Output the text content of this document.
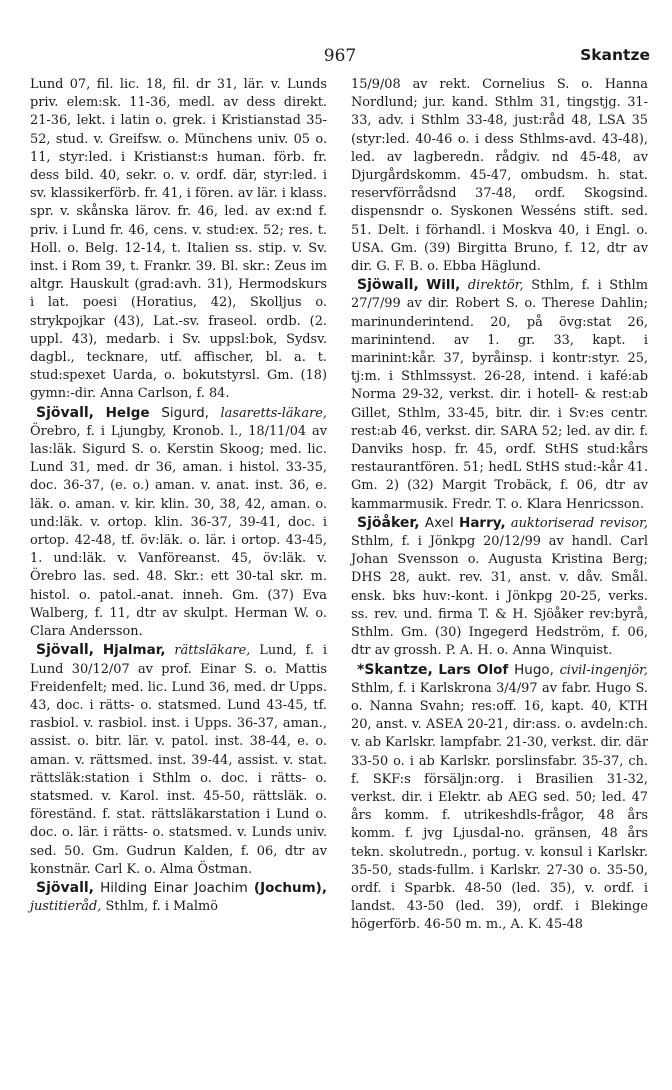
967	Skantze

Lund 07, fil. lic. 18, fil. dr 31, lär. v. Lunds priv. elem:sk. 11-36, medl. av dess direkt. 21-36, lekt. i latin o. grek. i Kristianstad 35-52, stud. v. Greifsw. o. Münchens univ. 05 o. 11, styr:led. i Kristianst:s human. förb. fr. dess bild. 40, sekr. o. v. ordf. där, styr:led. i sv. klassikerförb. fr. 41, i fören. av lär. i klass. spr. v. skånska lärov. fr. 46, led. av ex:nd f. priv. i Lund fr. 46, cens. v. stud:ex. 52; res. t. Holl. o. Belg. 12-14, t. Italien ss. stip. v. Sv. inst. i Rom 39, t. Frankr. 39. Bl. skr.: Zeus im altgr. Hauskult (grad:avh. 31), Hermodskurs i lat. poesi (Horatius, 42), Skolljus o. strykpojkar (43), Lat.-sv. fraseol. ordb. (2. uppl. 43), medarb. i Sv. uppsl:bok, Sydsv. dagbl., tecknare, utf. affischer, bl. a. t. stud:spexet Uarda, o. bokutstyrsl. Gm. (18) gymn:-dir. Anna Carlson, f. 84.

Sjövall, Helge Sigurd, lasaretts-läkare, Örebro, f. i Ljungby, Kronob. l., 18/11/04 av las:läk. Sigurd S. o. Kerstin Skoog; med. lic. Lund 31, med. dr 36, aman. i histol. 33-35, doc. 36-37, (e. o.) aman. v. anat. inst. 36, e. läk. o. aman. v. kir. klin. 30, 38, 42, aman. o. und:läk. v. ortop. klin. 36-37, 39-41, doc. i ortop. 42-48, tf. öv:läk. o. lär. i ortop. 43-45, 1. und:läk. v. Vanföreanst. 45, öv:läk. v. Örebro las. sed. 48. Skr.: ett 30-tal skr. m. histol. o. patol.-anat. inneh. Gm. (37) Eva Walberg, f. 11, dtr av skulpt. Herman W. o. Clara Andersson.

Sjövall, Hjalmar, rättsläkare, Lund, f. i Lund 30/12/07 av prof. Einar S. o. Mattis Freidenfelt; med. lic. Lund 36, med. dr Upps. 43, doc. i rätts- o. statsmed. Lund 43-45, tf. rasbiol. v. rasbiol. inst. i Upps. 36-37, aman., assist. o. bitr. lär. v. patol. inst. 38-44, e. o. aman. v. rättsmed. inst. 39-44, assist. v. stat. rättsläk:station i Sthlm o. doc. i rätts- o. statsmed. v. Karol. inst. 45-50, rättsläk. o. föreständ. f. stat. rättsläkarstation i Lund o. doc. o. lär. i rätts- o. statsmed. v. Lunds univ. sed. 50. Gm. Gudrun Kalden, f. 06, dtr av konstnär. Carl K. o. Alma Östman.

Sjövall, Hilding Einar Joachim (Jochum), justitieråd, Sthlm, f. i Malmö

15/9/08 av rekt. Cornelius S. o. Hanna Nordlund; jur. kand. Sthlm 31, tingstjg. 31-33, adv. i Sthlm 33-48, just:råd 48, LSA 35 (styr:led. 40-46 o. i dess Sthlms-avd. 43-48), led. av lagberedn. rådgiv. nd 45-48, av Djurgårdskomm. 45-47, ombudsm. h. stat. reservförrådsnd 37-48, ordf. Skogsind. dispensndr o. Syskonen Wesséns stift. sed. 51. Delt. i förhandl. i Moskva 40, i Engl. o. USA. Gm. (39) Birgitta Bruno, f. 12, dtr av dir. G. F. B. o. Ebba Häglund.

Sjöwall, Will, direktör, Sthlm, f. i Sthlm 27/7/99 av dir. Robert S. o. Therese Dahlin; marinunderintend. 20, på övg:stat 26, marinintend. av 1. gr. 33, kapt. i marinint:kår. 37, byråinsp. i kontr:styr. 25, tj:m. i Sthlmssyst. 26-28, intend. i kafé:ab Norma 29-32, verkst. dir. i hotell- & rest:ab Gillet, Sthlm, 33-45, bitr. dir. i Sv:es centr. rest:ab 46, verkst. dir. SARA 52; led. av dir. f. Danviks hosp. fr. 45, ordf. StHS stud:kårs restaurantfören. 51; hedL StHS stud:-kår 41. Gm. 2) (32) Margit Trobäck, f. 06, dtr av kammarmusik. Fredr. T. o. Klara Henricsson.

Sjöåker, Axel Harry, auktoriserad revisor, Sthlm, f. i Jönkpg 20/12/99 av handl. Carl Johan Svensson o. Augusta Kristina Berg; DHS 28, aukt. rev. 31, anst. v. dåv. Smål. ensk. bks huv:-kont. i Jönkpg 20-25, verks. ss. rev. und. firma T. & H. Sjöåker rev:byrå, Sthlm. Gm. (30) Ingegerd Hedström, f. 06, dtr av grossh. P. A. H. o. Anna Winquist.

*Skantze, Lars Olof Hugo, civil-ingenjör, Sthlm, f. i Karlskrona 3/4/97 av fabr. Hugo S. o. Nanna Svahn; res:off. 16, kapt. 40, KTH 20, anst. v. ASEA 20-21, dir:ass. o. avdeln:ch. v. ab Karlskr. lampfabr. 21-30, verkst. dir. där 33-50 o. i ab Karlskr. porslinsfabr. 35-37, ch. f. SKF:s försäljn:org. i Brasilien 31-32, verkst. dir. i Elektr. ab AEG sed. 50; led. 47 års komm. f. utrikeshdls-frågor, 48 års komm. f. jvg Ljusdal-no. gränsen, 48 års tekn. skolutredn., portug. v. konsul i Karlskr. 35-50, stads-fullm. i Karlskr. 27-30 o. 35-50, ordf. i Sparbk. 48-50 (led. 35), v. ordf. i landst. 43-50 (led. 39), ordf. i Blekinge högerförb. 46-50 m. m., A. K. 45-48
